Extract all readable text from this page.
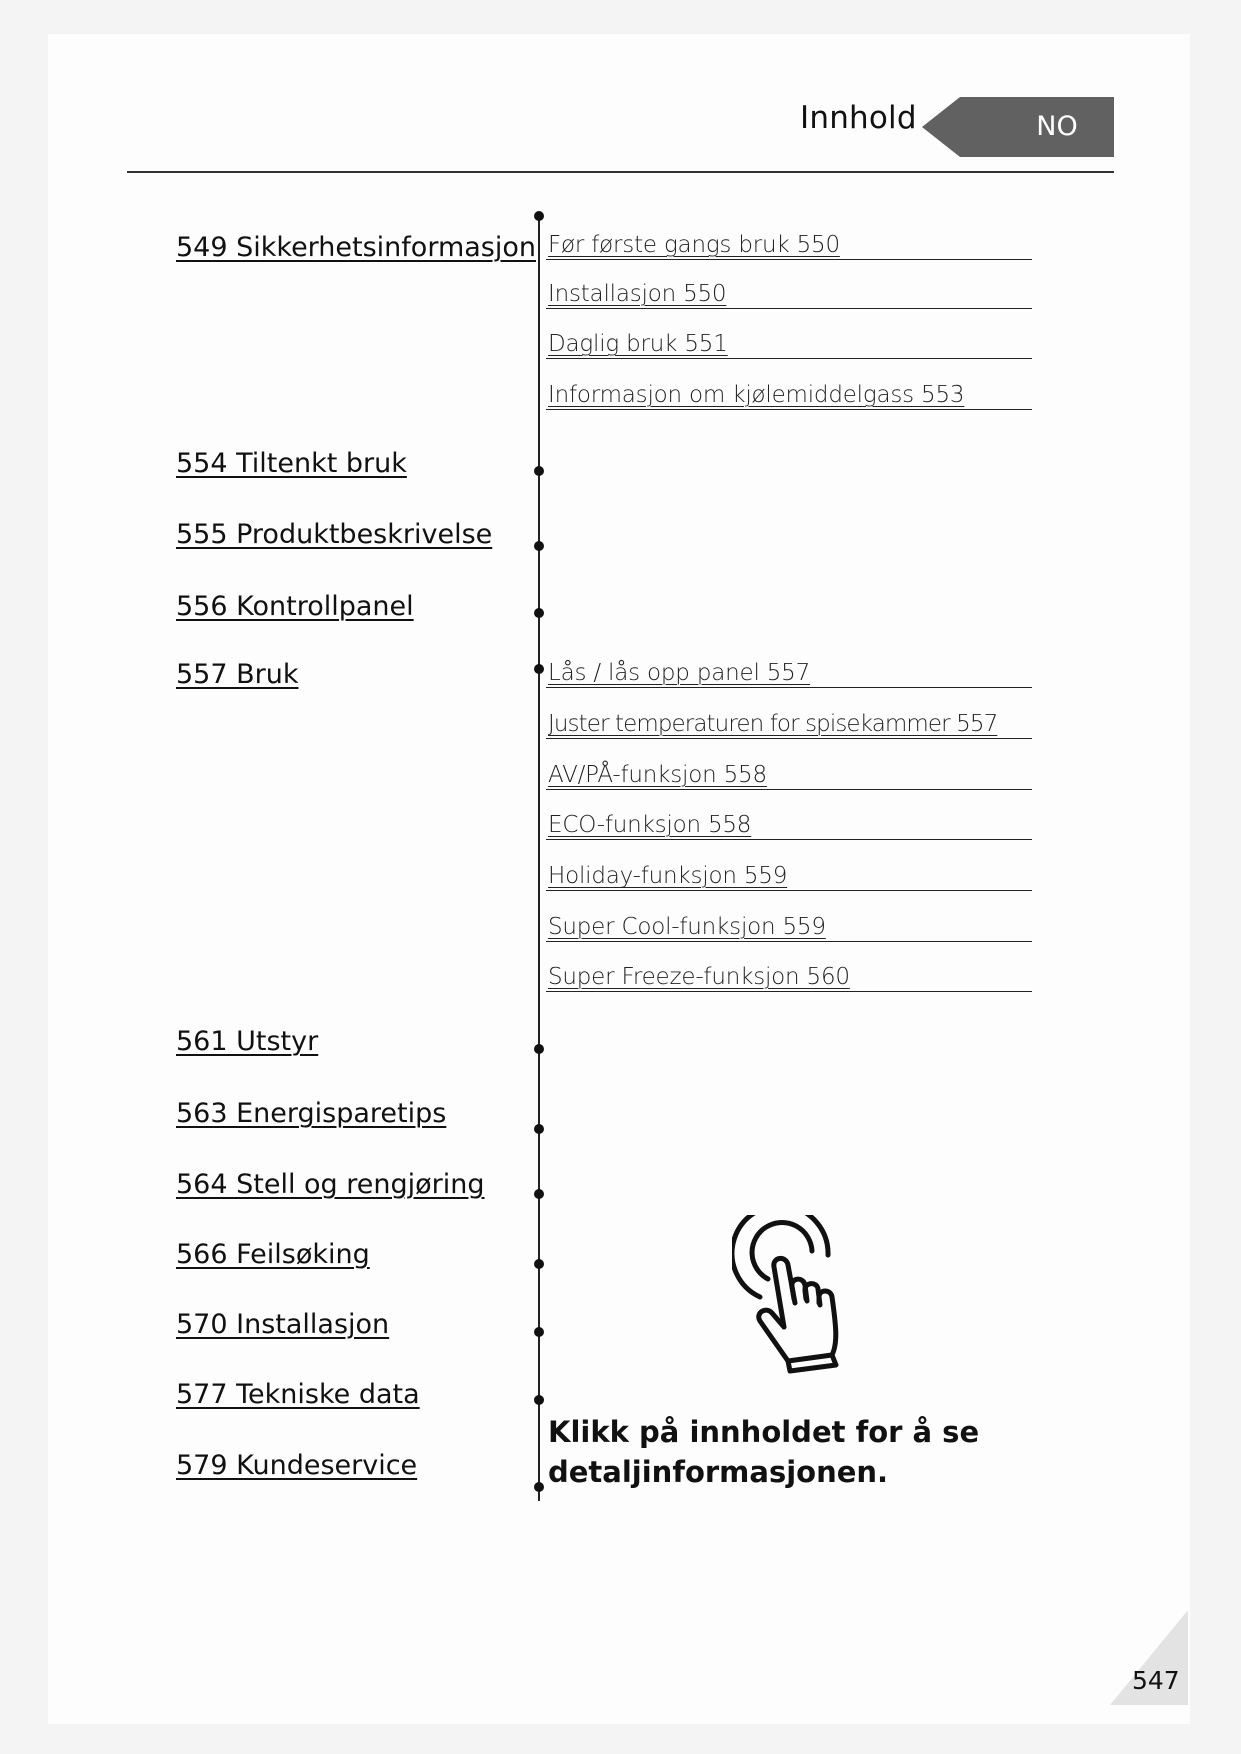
Innhold	NO
549 Sikkerhetsinformasjon
554 Tiltenkt bruk
555 Produktbeskrivelse
556 Kontrollpanel
557 Bruk
561 Utstyr
563 Energisparetips
564 Stell og rengjøring
566 Feilsøking
570 Installasjon
577 Tekniske data
579 Kundeservice
Før første gangs bruk 550
Installasjon 550
Daglig bruk 551
Informasjon om kjølemiddelgass 553
Lås / lås opp panel 557
Juster temperaturen for spisekammer 557
AV/PÅ-funksjon 558
ECO-funksjon 558
Holiday-funksjon 559
Super Cool-funksjon 559
Super Freeze-funksjon 560
Klikk på innholdet for å se detaljinformasjonen.
547
